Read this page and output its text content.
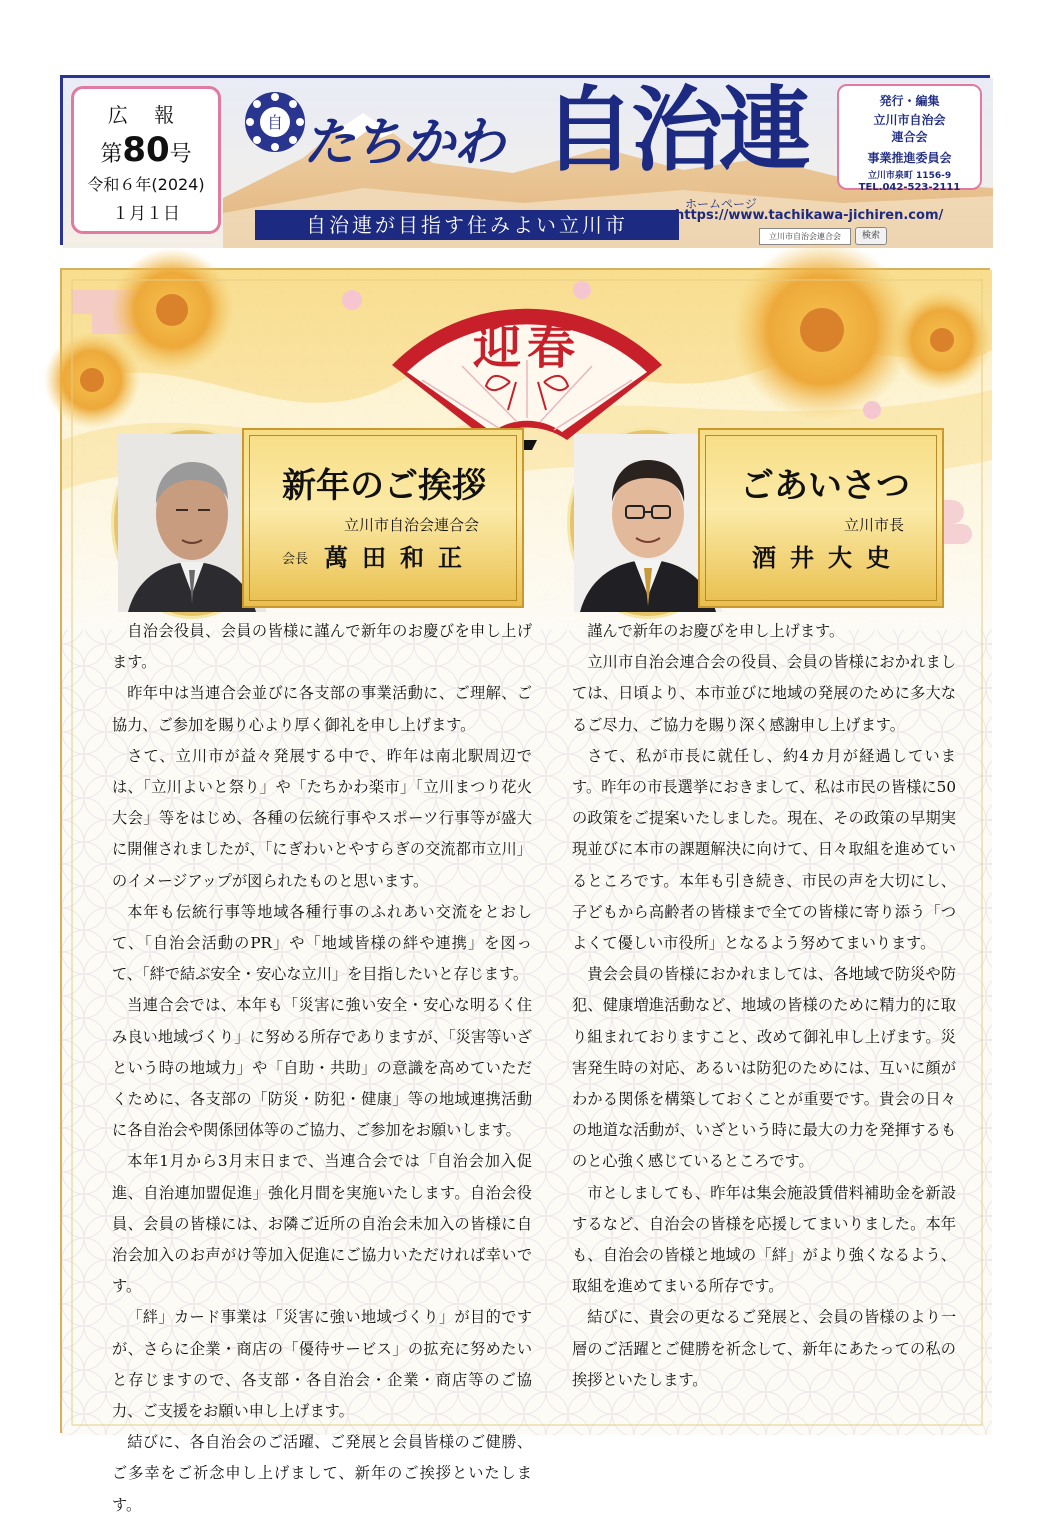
広 報
第80号
令和６年(2024)
１月１日
自 たちかわ 自治連
自治連が目指す住みよい立川市
ホームページ
https://www.tachikawa-jichiren.com/
立川市自治会連合会	検索
発行・編集
立川市自治会
連合会
事業推進委員会
立川市泉町 1156-9
TEL.042-523-2111
迎春
新年のご挨拶
立川市自治会連合会
会長 萬田和正
ごあいさつ
立川市長
酒井大史

自治会役員、会員の皆様に謹んで新年のお慶びを申し上げます。

昨年中は当連合会並びに各支部の事業活動に、ご理解、ご協力、ご参加を賜り心より厚く御礼を申し上げます。

さて、立川市が益々発展する中で、昨年は南北駅周辺では、「立川よいと祭り」や「たちかわ楽市」「立川まつり花火大会」等をはじめ、各種の伝統行事やスポーツ行事等が盛大に開催されましたが、「にぎわいとやすらぎの交流都市立川」のイメージアップが図られたものと思います。

本年も伝統行事等地域各種行事のふれあい交流をとおして、「自治会活動のPR」や「地域皆様の絆や連携」を図って、「絆で結ぶ安全・安心な立川」を目指したいと存じます。

当連合会では、本年も「災害に強い安全・安心な明るく住み良い地域づくり」に努める所存でありますが、「災害等いざという時の地域力」や「自助・共助」の意識を高めていただくために、各支部の「防災・防犯・健康」等の地域連携活動に各自治会や関係団体等のご協力、ご参加をお願いします。

本年1月から3月末日まで、当連合会では「自治会加入促進、自治連加盟促進」強化月間を実施いたします。自治会役員、会員の皆様には、お隣ご近所の自治会未加入の皆様に自治会加入のお声がけ等加入促進にご協力いただければ幸いです。

「絆」カード事業は「災害に強い地域づくり」が目的ですが、さらに企業・商店の「優待サービス」の拡充に努めたいと存じますので、各支部・各自治会・企業・商店等のご協力、ご支援をお願い申し上げます。

結びに、各自治会のご活躍、ご発展と会員皆様のご健勝、ご多幸をご祈念申し上げまして、新年のご挨拶といたします。

謹んで新年のお慶びを申し上げます。

立川市自治会連合会の役員、会員の皆様におかれましては、日頃より、本市並びに地域の発展のために多大なるご尽力、ご協力を賜り深く感謝申し上げます。

さて、私が市長に就任し、約4カ月が経過しています。昨年の市長選挙におきまして、私は市民の皆様に50の政策をご提案いたしました。現在、その政策の早期実現並びに本市の課題解決に向けて、日々取組を進めているところです。本年も引き続き、市民の声を大切にし、子どもから高齢者の皆様まで全ての皆様に寄り添う「つよくて優しい市役所」となるよう努めてまいります。

貴会会員の皆様におかれましては、各地域で防災や防犯、健康増進活動など、地域の皆様のために精力的に取り組まれておりますこと、改めて御礼申し上げます。災害発生時の対応、あるいは防犯のためには、互いに顔がわかる関係を構築しておくことが重要です。貴会の日々の地道な活動が、いざという時に最大の力を発揮するものと心強く感じているところです。

市としましても、昨年は集会施設賃借料補助金を新設するなど、自治会の皆様を応援してまいりました。本年も、自治会の皆様と地域の「絆」がより強くなるよう、取組を進めてまいる所存です。

結びに、貴会の更なるご発展と、会員の皆様のより一層のご活躍とご健勝を祈念して、新年にあたっての私の挨拶といたします。
